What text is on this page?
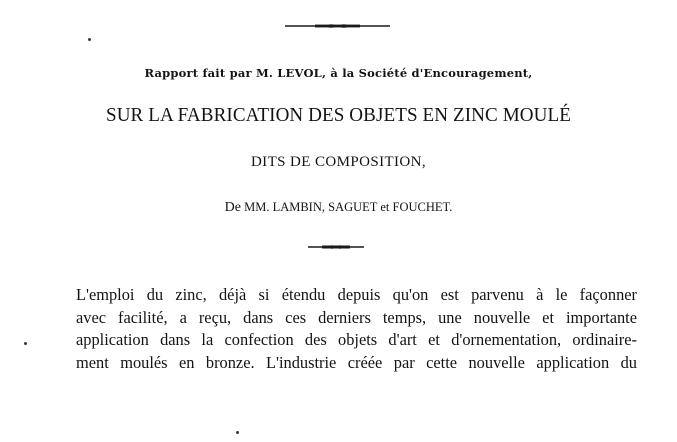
Rapport fait par M. LEVOL, à la Société d'Encouragement,
SUR LA FABRICATION DES OBJETS EN ZINC MOULÉ
DITS DE COMPOSITION,
De MM. LAMBIN, SAGUET et FOUCHET.
L'emploi du zinc, déjà si étendu depuis qu'on est parvenu à le façonner
avec facilité, a reçu, dans ces derniers temps, une nouvelle et importante
application dans la confection des objets d'art et d'ornementation, ordinaire-
ment moulés en bronze. L'industrie créée par cette nouvelle application du
